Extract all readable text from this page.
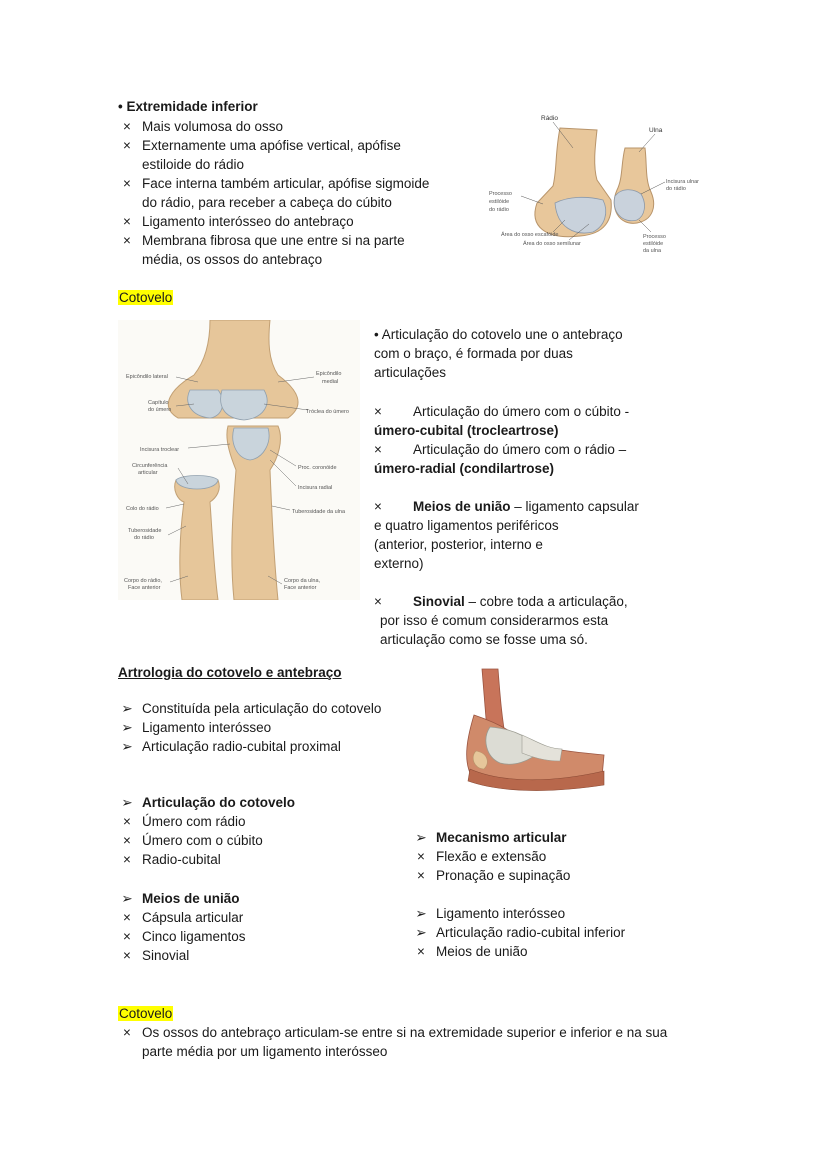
• Extremidade inferior
× Mais volumosa do osso
× Externamente uma apófise vertical, apófise
estiloide do rádio
× Face interna também articular, apófise sigmoide
do rádio, para receber a cabeça do cúbito
× Ligamento interósseo do antebraço
× Membrana fibrosa que une entre si na parte
média, os ossos do antebraço
Rádio
Ulna
Incisura ulnar
do rádio
Processo
estilóide
do rádio
Área do osso escafóide
Área do osso semilunar
Processo
estilóide
da ulna
Cotovelo
Epicôndilo lateral	Epicôndilo
medial
Capítulo
do úmero	Tróclea do úmero
Incisura troclear
Circunferência
articular
Proc. coronóide
Incisura radial
Colo do rádio	Tuberosidade da ulna
Tuberosidade
do rádio
Corpo do rádio,
Face anterior
Corpo da ulna,
Face anterior
• Articulação do cotovelo une o antebraço
com o braço, é formada por duas
articulações
× Articulação do úmero com o cúbito -
úmero-cubital (trocleartrose)
× Articulação do úmero com o rádio –
úmero-radial (condilartrose)
× Meios de união – ligamento capsular
e quatro ligamentos periféricos
(anterior, posterior, interno e
externo)
× Sinovial – cobre toda a articulação,
por isso é comum considerarmos esta
articulação como se fosse uma só.
Artrologia do cotovelo e antebraço
➢ Constituída pela articulação do cotovelo
➢ Ligamento interósseo
➢ Articulação radio-cubital proximal
➢ Articulação do cotovelo
× Úmero com rádio
× Úmero com o cúbito
× Radio-cubital
➢ Meios de união
× Cápsula articular
× Cinco ligamentos
× Sinovial
➢ Mecanismo articular
× Flexão e extensão
× Pronação e supinação
➢ Ligamento interósseo
➢ Articulação radio-cubital inferior
× Meios de união
Cotovelo
× Os ossos do antebraço articulam-se entre si na extremidade superior e inferior e na sua
parte média por um ligamento interósseo
